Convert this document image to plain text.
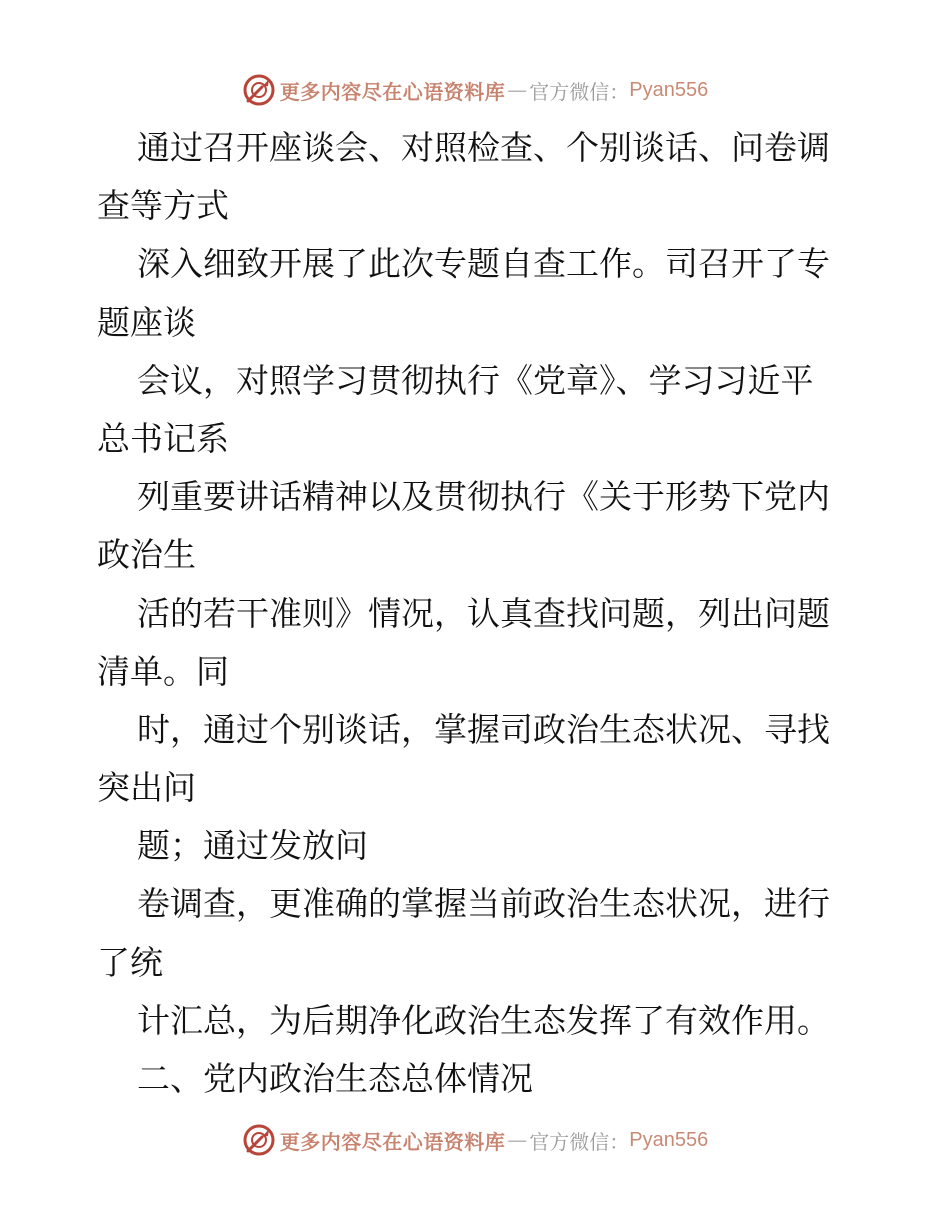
更多内容尽在心语资料库 — 官方微信： Pyan556
通过召开座谈会、对照检查、个别谈话、问卷调
查等方式
深入细致开展了此次专题自查工作。司召开了专
题座谈
会议，对照学习贯彻执行《党章》、学习习近平
总书记系
列重要讲话精神以及贯彻执行《关于形势下党内
政治生
活的若干准则》情况，认真查找问题，列出问题
清单。同
时，通过个别谈话，掌握司政治生态状况、寻找
突出问
题；通过发放问
卷调查，更准确的掌握当前政治生态状况，进行
了统
计汇总，为后期净化政治生态发挥了有效作用。
二、党内政治生态总体情况
更多内容尽在心语资料库 — 官方微信： Pyan556
